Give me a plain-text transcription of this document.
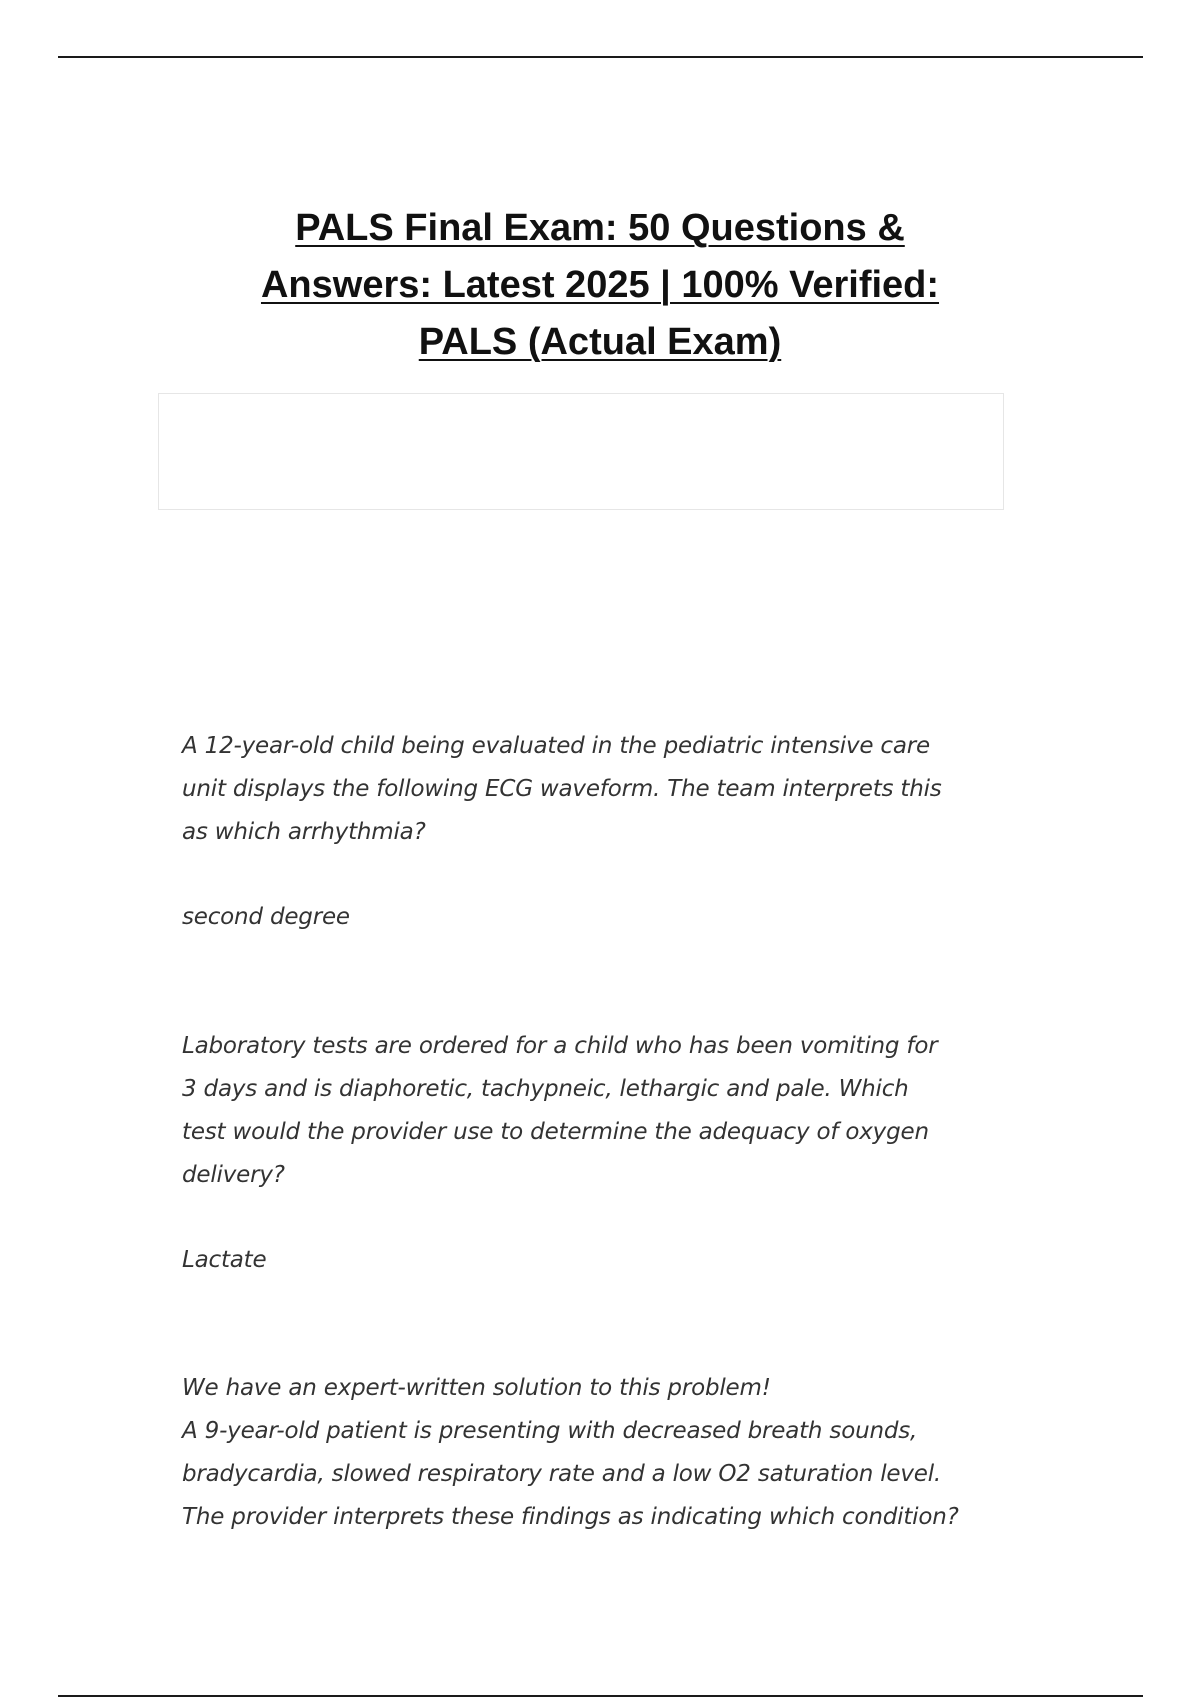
PALS Final Exam: 50 Questions &
Answers: Latest 2025 | 100% Verified:
PALS (Actual Exam)
A 12-year-old child being evaluated in the pediatric intensive care
unit displays the following ECG waveform. The team interprets this
as which arrhythmia?
second degree
Laboratory tests are ordered for a child who has been vomiting for
3 days and is diaphoretic, tachypneic, lethargic and pale. Which
test would the provider use to determine the adequacy of oxygen
delivery?
Lactate
We have an expert-written solution to this problem!
A 9-year-old patient is presenting with decreased breath sounds,
bradycardia, slowed respiratory rate and a low O2 saturation level.
The provider interprets these findings as indicating which condition?
